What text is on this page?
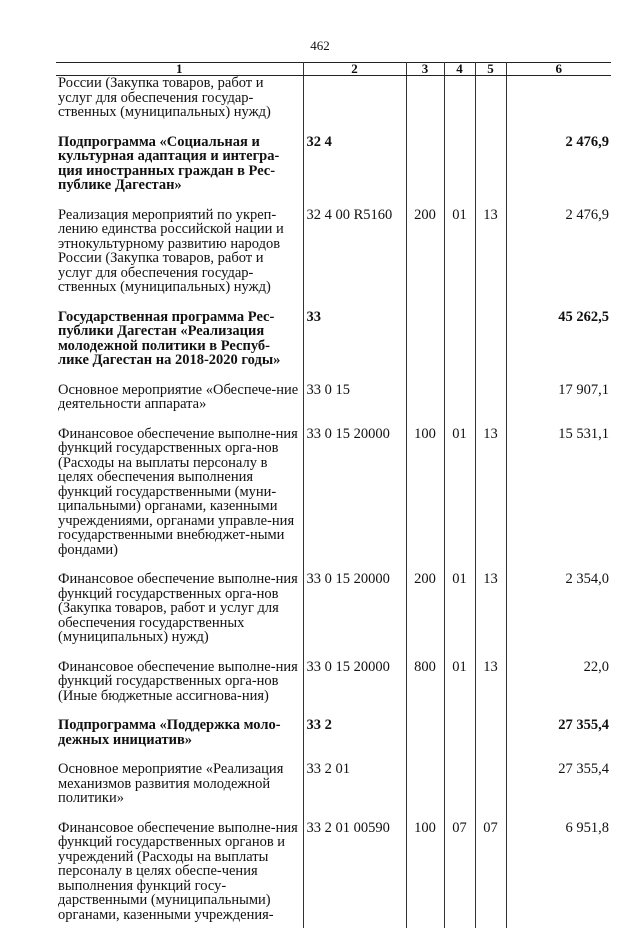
462
1	2	3	4	5	6
России (Закупка товаров, работ и услуг для обеспечения государ-ственных (муниципальных) нужд)					

Подпрограмма «Социальная и культурная адаптация и интегра-ция иностранных граждан в Рес-публике Дагестан»	32 4				2 476,9

Реализация мероприятий по укреп-лению единства российской нации и этнокультурному развитию народов России (Закупка товаров, работ и услуг для обеспечения государ-ственных (муниципальных) нужд)	32 4 00 R5160	200	01	13	2 476,9

Государственная программа Рес-публики Дагестан «Реализация молодежной политики в Респуб-лике Дагестан на 2018-2020 годы»	33				45 262,5

Основное мероприятие «Обеспече-ние деятельности аппарата»	33 0 15				17 907,1

Финансовое обеспечение выполне-ния функций государственных орга-нов (Расходы на выплаты персоналу в целях обеспечения выполнения функций государственными (муни-ципальными) органами, казенными учреждениями, органами управле-ния государственными внебюджет-ными фондами)	33 0 15 20000	100	01	13	15 531,1

Финансовое обеспечение выполне-ния функций государственных орга-нов (Закупка товаров, работ и услуг для обеспечения государственных (муниципальных) нужд)	33 0 15 20000	200	01	13	2 354,0

Финансовое обеспечение выполне-ния функций государственных орга-нов (Иные бюджетные ассигнова-ния)	33 0 15 20000	800	01	13	22,0

Подпрограмма «Поддержка моло-дежных инициатив»	33 2				27 355,4

Основное мероприятие «Реализация механизмов развития молодежной политики»	33 2 01				27 355,4

Финансовое обеспечение выполне-ния функций государственных органов и учреждений (Расходы на выплаты персоналу в целях обеспе-чения выполнения функций госу-дарственными (муниципальными) органами, казенными учреждения-	33 2 01 00590	100	07	07	6 951,8
